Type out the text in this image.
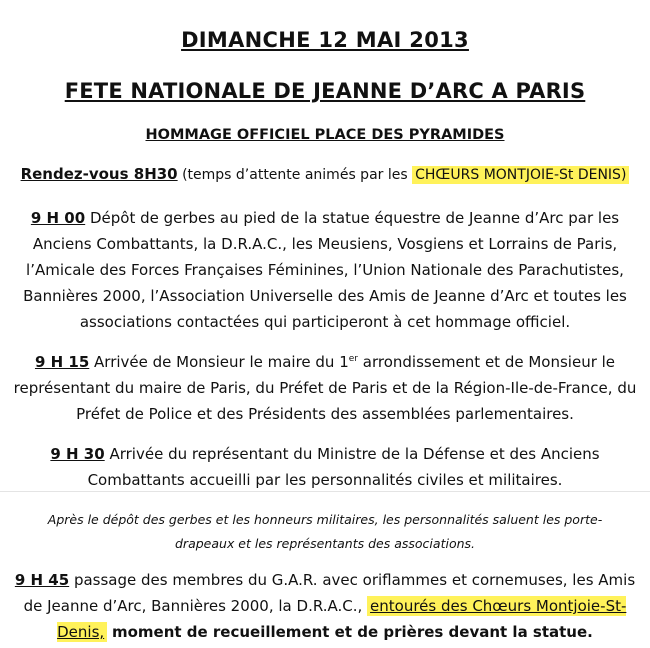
DIMANCHE 12 MAI 2013
FETE NATIONALE DE JEANNE D’ARC A PARIS
HOMMAGE OFFICIEL PLACE DES PYRAMIDES
Rendez-vous 8H30 (temps d’attente animés par les CHŒURS MONTJOIE-St DENIS)
9 H 00 Dépôt de gerbes au pied de la statue équestre de Jeanne d’Arc par les Anciens Combattants, la D.R.A.C., les Meusiens, Vosgiens et Lorrains de Paris, l’Amicale des Forces Françaises Féminines, l’Union Nationale des Parachutistes, Bannières 2000, l’Association Universelle des Amis de Jeanne d’Arc et toutes les associations contactées qui participeront à cet hommage officiel.
9 H 15 Arrivée de Monsieur le maire du 1er arrondissement et de Monsieur le représentant du maire de Paris, du Préfet de Paris et de la Région-Ile-de-France, du Préfet de Police et des Présidents des assemblées parlementaires.
9 H 30 Arrivée du représentant du Ministre de la Défense et des Anciens Combattants accueilli par les personnalités civiles et militaires.
Après le dépôt des gerbes et les honneurs militaires, les personnalités saluent les porte-drapeaux et les représentants des associations.
9 H 45 passage des membres du G.A.R. avec oriflammes et cornemuses, les Amis de Jeanne d’Arc, Bannières 2000, la D.R.A.C., entourés des Chœurs Montjoie-St-Denis, moment de recueillement et de prières devant la statue.
